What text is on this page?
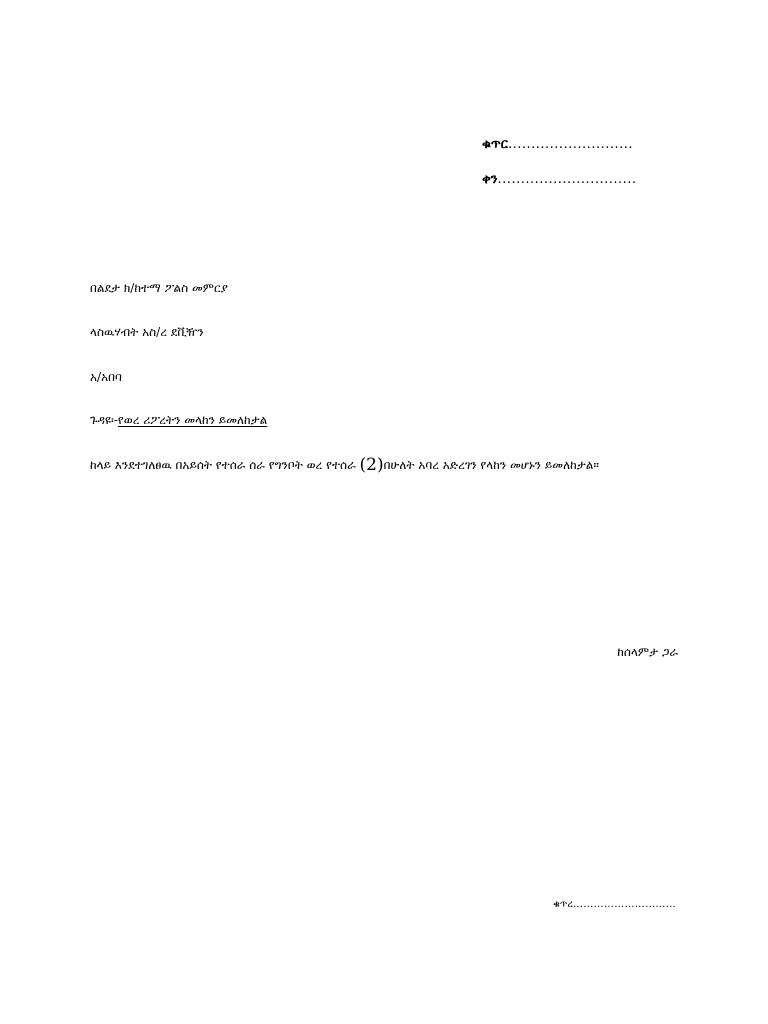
ቁጥር...........................
ቀን..............................
በልደታ ክ/ከተማ ፖልስ መምርያ
ላስዉሃብት አስ/ረ ደቪዥን
አ/አበባ
ጉዳዩ፡-የወረ ሪፖረትን መላከን ይመለከታል
ከላይ እንደተገለፀዉ በአይሰት የተሰራ ሰራ የግንቦት ወረ የተሰራ (2)በሁለት አባረ አድረገን የላከን መሆኑን ይመለከታል።
ከሰላምታ ጋራ
ቁጥረ…………………………
